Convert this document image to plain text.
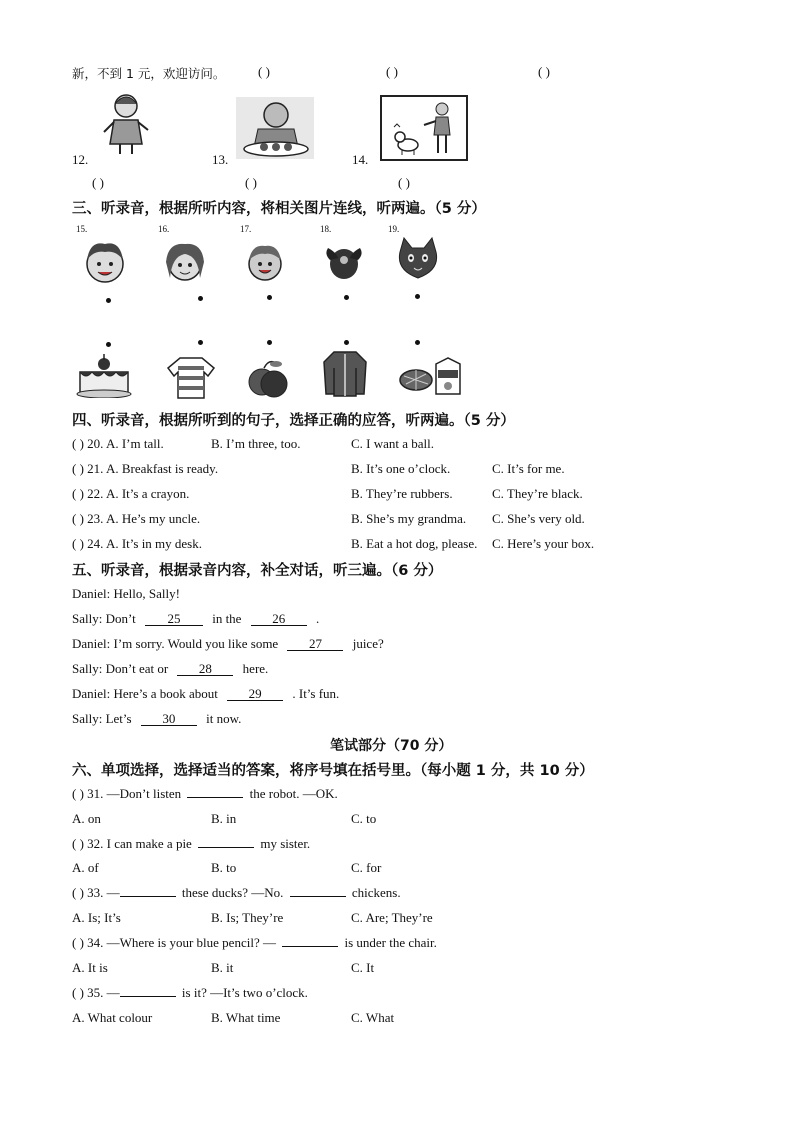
新，不到 1 元，欢迎访问。	( )	( )	( )
12.
( )
13.
( )
14.
( )
三、听录音，根据所听内容，将相关图片连线，听两遍。（5 分）
15.	16.	17.	18.	19.
四、听录音，根据所听到的句子，选择正确的应答，听两遍。（5 分）
( ) 20. A. I’m tall.	B. I’m three, too.	C. I want a ball.
( ) 21. A. Breakfast is ready.	B. It’s one o’clock.	C. It’s for me.
( ) 22. A. It’s a crayon.	B. They’re rubbers.	C. They’re black.
( ) 23. A. He’s my uncle.	B. She’s my grandma. C. She’s very old.
( ) 24. A. It’s in my desk.	B. Eat a hot dog, please. C. Here’s your box.
五、听录音，根据录音内容，补全对话，听三遍。（6 分）
Daniel: Hello, Sally!
Sally: Don’t 25 in the 26 .
Daniel: I’m sorry. Would you like some 27 juice?
Sally: Don’t eat or 28 here.
Daniel: Here’s a book about 29 . It’s fun.
Sally: Let’s 30 it now.
笔试部分（70 分）
六、单项选择，选择适当的答案，将序号填在括号里。（每小题 1 分，共 10 分）
( ) 31. —Don’t listen	the robot. —OK.
A. on	B. in	C. to
( ) 32. I can make a pie	my sister.
A. of	B. to	C. for
( ) 33. —	these ducks? —No.	chickens.
A. Is; It’s	B. Is; They’re	C. Are; They’re
( ) 34. —Where is your blue pencil? —	is under the chair.
A. It is	B. it	C. It
( ) 35. —	is it? —It’s two o’clock.
A. What colour	B. What time	C. What
